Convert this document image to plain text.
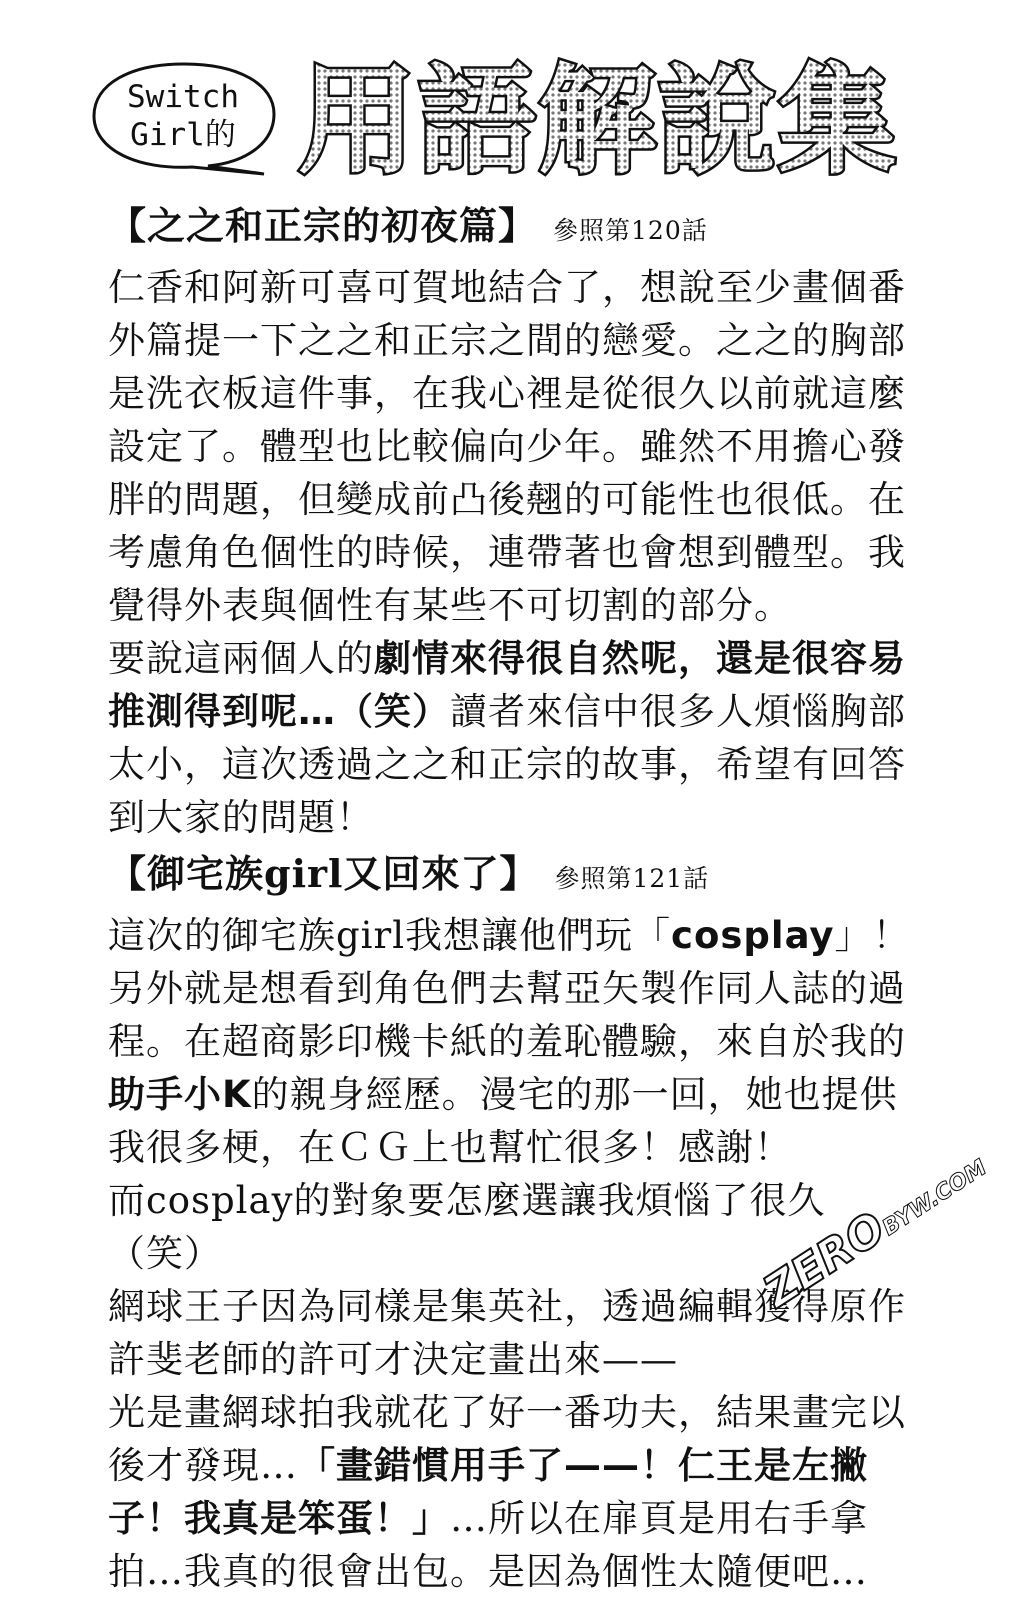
Switch
Girl的 用語解說集
【之之和正宗的初夜篇】 參照第120話

仁香和阿新可喜可賀地結合了，想說至少畫個番外篇提一下之之和正宗之間的戀愛。之之的胸部是洗衣板這件事，在我心裡是從很久以前就這麼設定了。體型也比較偏向少年。雖然不用擔心發胖的問題，但變成前凸後翹的可能性也很低。在考慮角色個性的時候，連帶著也會想到體型。我覺得外表與個性有某些不可切割的部分。

要說這兩個人的劇情來得很自然呢，還是很容易推測得到呢…（笑）讀者來信中很多人煩惱胸部太小，這次透過之之和正宗的故事，希望有回答到大家的問題！

【御宅族girl又回來了】 參照第121話

這次的御宅族girl我想讓他們玩「cosplay」！另外就是想看到角色們去幫亞矢製作同人誌的過程。在超商影印機卡紙的羞恥體驗，來自於我的助手小K的親身經歷。漫宅的那一回，她也提供我很多梗，在ＣＧ上也幫忙很多！感謝！

而cosplay的對象要怎麼選讓我煩惱了很久（笑）

網球王子因為同樣是集英社，透過編輯獲得原作許斐老師的許可才決定畫出來——

光是畫網球拍我就花了好一番功夫，結果畫完以後才發現…「畫錯慣用手了——！仁王是左撇子！我真是笨蛋！」…所以在扉頁是用右手拿拍…我真的很會出包。是因為個性太隨便吧…

ZEROBYW.COM
